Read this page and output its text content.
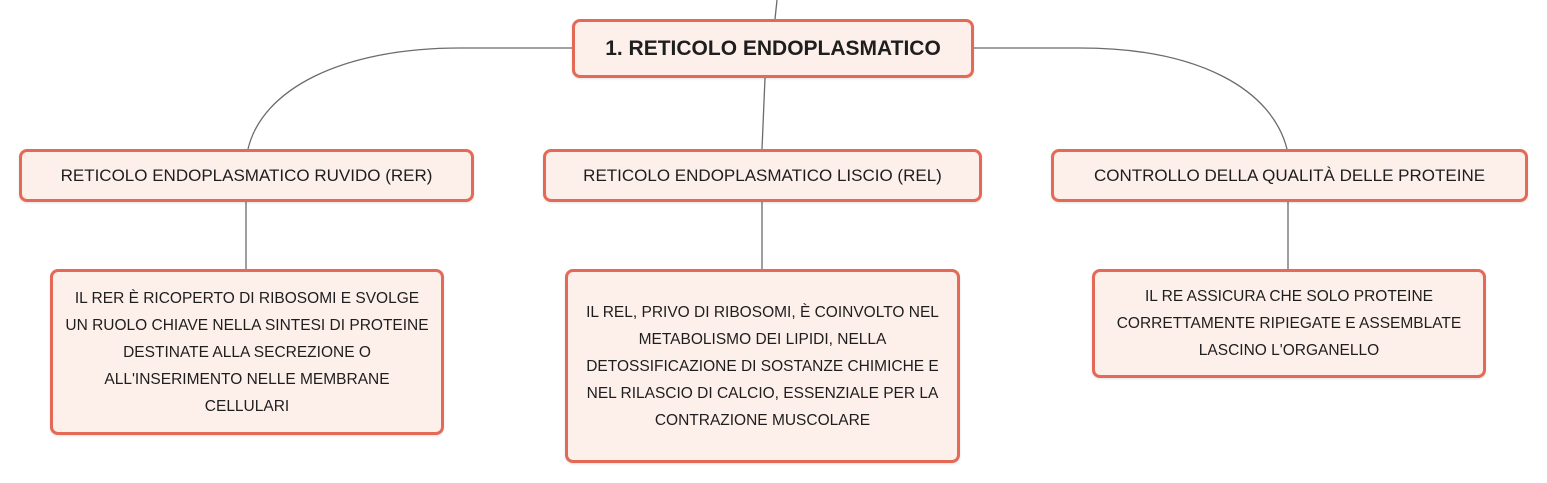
1. RETICOLO ENDOPLASMATICO
RETICOLO ENDOPLASMATICO RUVIDO (RER)	RETICOLO ENDOPLASMATICO LISCIO (REL)	CONTROLLO DELLA QUALITÀ DELLE PROTEINE
IL RER È RICOPERTO DI RIBOSOMI E SVOLGE UN RUOLO CHIAVE NELLA SINTESI DI PROTEINE DESTINATE ALLA SECREZIONE O ALL'INSERIMENTO NELLE MEMBRANE CELLULARI
IL REL, PRIVO DI RIBOSOMI, È COINVOLTO NEL METABOLISMO DEI LIPIDI, NELLA DETOSSIFICAZIONE DI SOSTANZE CHIMICHE E NEL RILASCIO DI CALCIO, ESSENZIALE PER LA CONTRAZIONE MUSCOLARE
IL RE ASSICURA CHE SOLO PROTEINE CORRETTAMENTE RIPIEGATE E ASSEMBLATE LASCINO L'ORGANELLO
